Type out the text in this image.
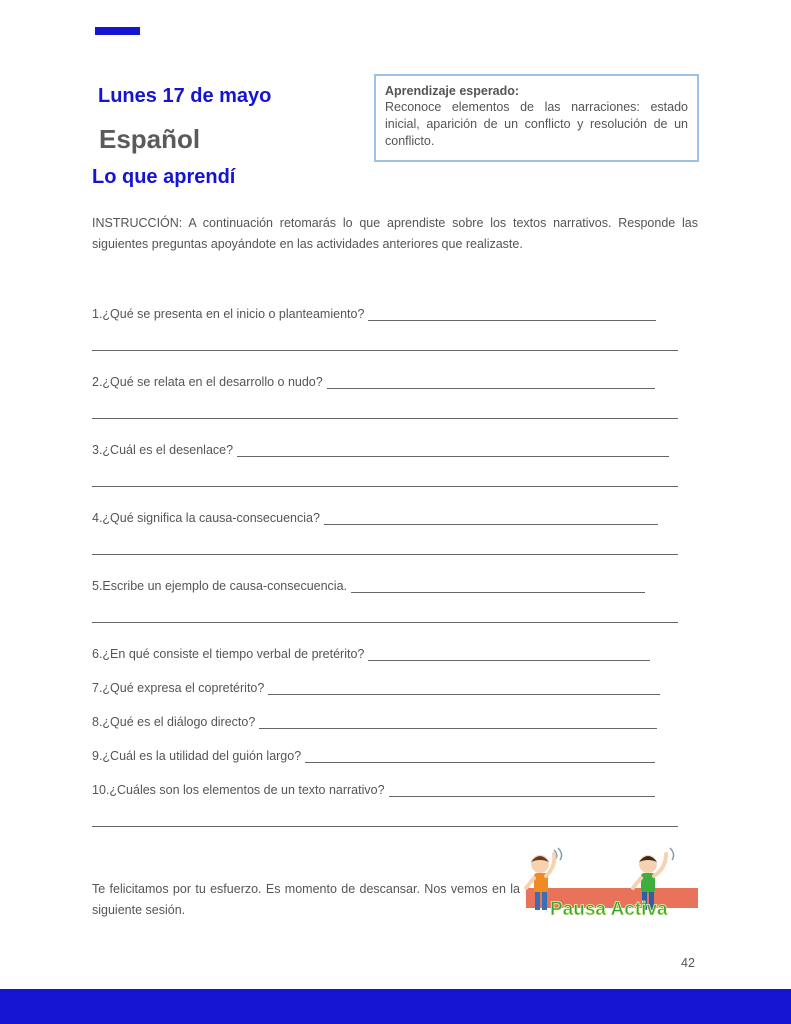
Lunes 17 de mayo
Español
Lo que aprendí
Aprendizaje esperado:
Reconoce elementos de las narraciones: estado inicial, aparición de un conflicto y resolución de un conflicto.
INSTRUCCIÓN: A continuación retomarás lo que aprendiste sobre los textos narrativos. Responde las siguientes preguntas apoyándote en las actividades anteriores que realizaste.
1.¿Qué se presenta en el inicio o planteamiento?
2.¿Qué se relata en el desarrollo o nudo?
3.¿Cuál es el desenlace?
4.¿Qué significa la causa-consecuencia?
5.Escribe un ejemplo de causa-consecuencia.
6.¿En qué consiste el tiempo verbal de pretérito?
7.¿Qué expresa el copretérito?
8.¿Qué es el diálogo directo?
9.¿Cuál es la utilidad del guión largo?
10.¿Cuáles son los elementos de un texto narrativo?
Te felicitamos por tu esfuerzo. Es momento de descansar. Nos vemos en la siguiente sesión.	Pausa Activa
42
